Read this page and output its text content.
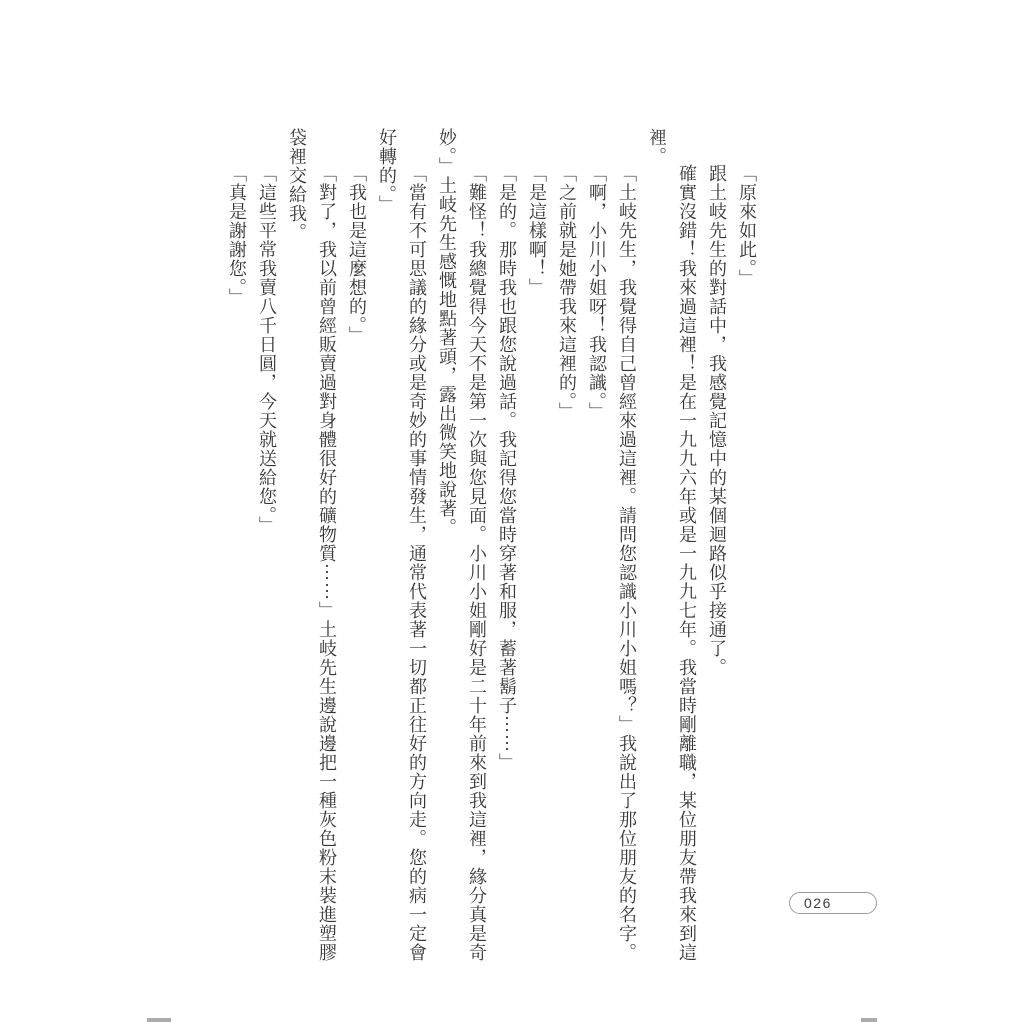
「原來如此。」
跟土岐先生的對話中，我感覺記憶中的某個迴路似乎接通了。
確實沒錯！我來過這裡！是在一九九六年或是一九九七年。我當時剛離職，某位朋友帶我來到這
裡。
「土岐先生，我覺得自己曾經來過這裡。請問您認識小川小姐嗎？」我說出了那位朋友的名字。
「啊，小川小姐呀！我認識。」
「之前就是她帶我來這裡的。」
「是這樣啊！」
「是的。那時我也跟您說過話。我記得您當時穿著和服，蓄著鬍子⋯⋯」
「難怪！我總覺得今天不是第一次與您見面。小川小姐剛好是二十年前來到我這裡，緣分真是奇
妙。」土岐先生感慨地點著頭，露出微笑地說著。
「當有不可思議的緣分或是奇妙的事情發生，通常代表著一切都正往好的方向走。您的病一定會
好轉的。」
「我也是這麼想的。」
「對了，我以前曾經販賣過對身體很好的礦物質⋯⋯」土岐先生邊說邊把一種灰色粉末裝進塑膠
袋裡交給我。
「這些平常我賣八千日圓，今天就送給您。」
「真是謝謝您。」
026
